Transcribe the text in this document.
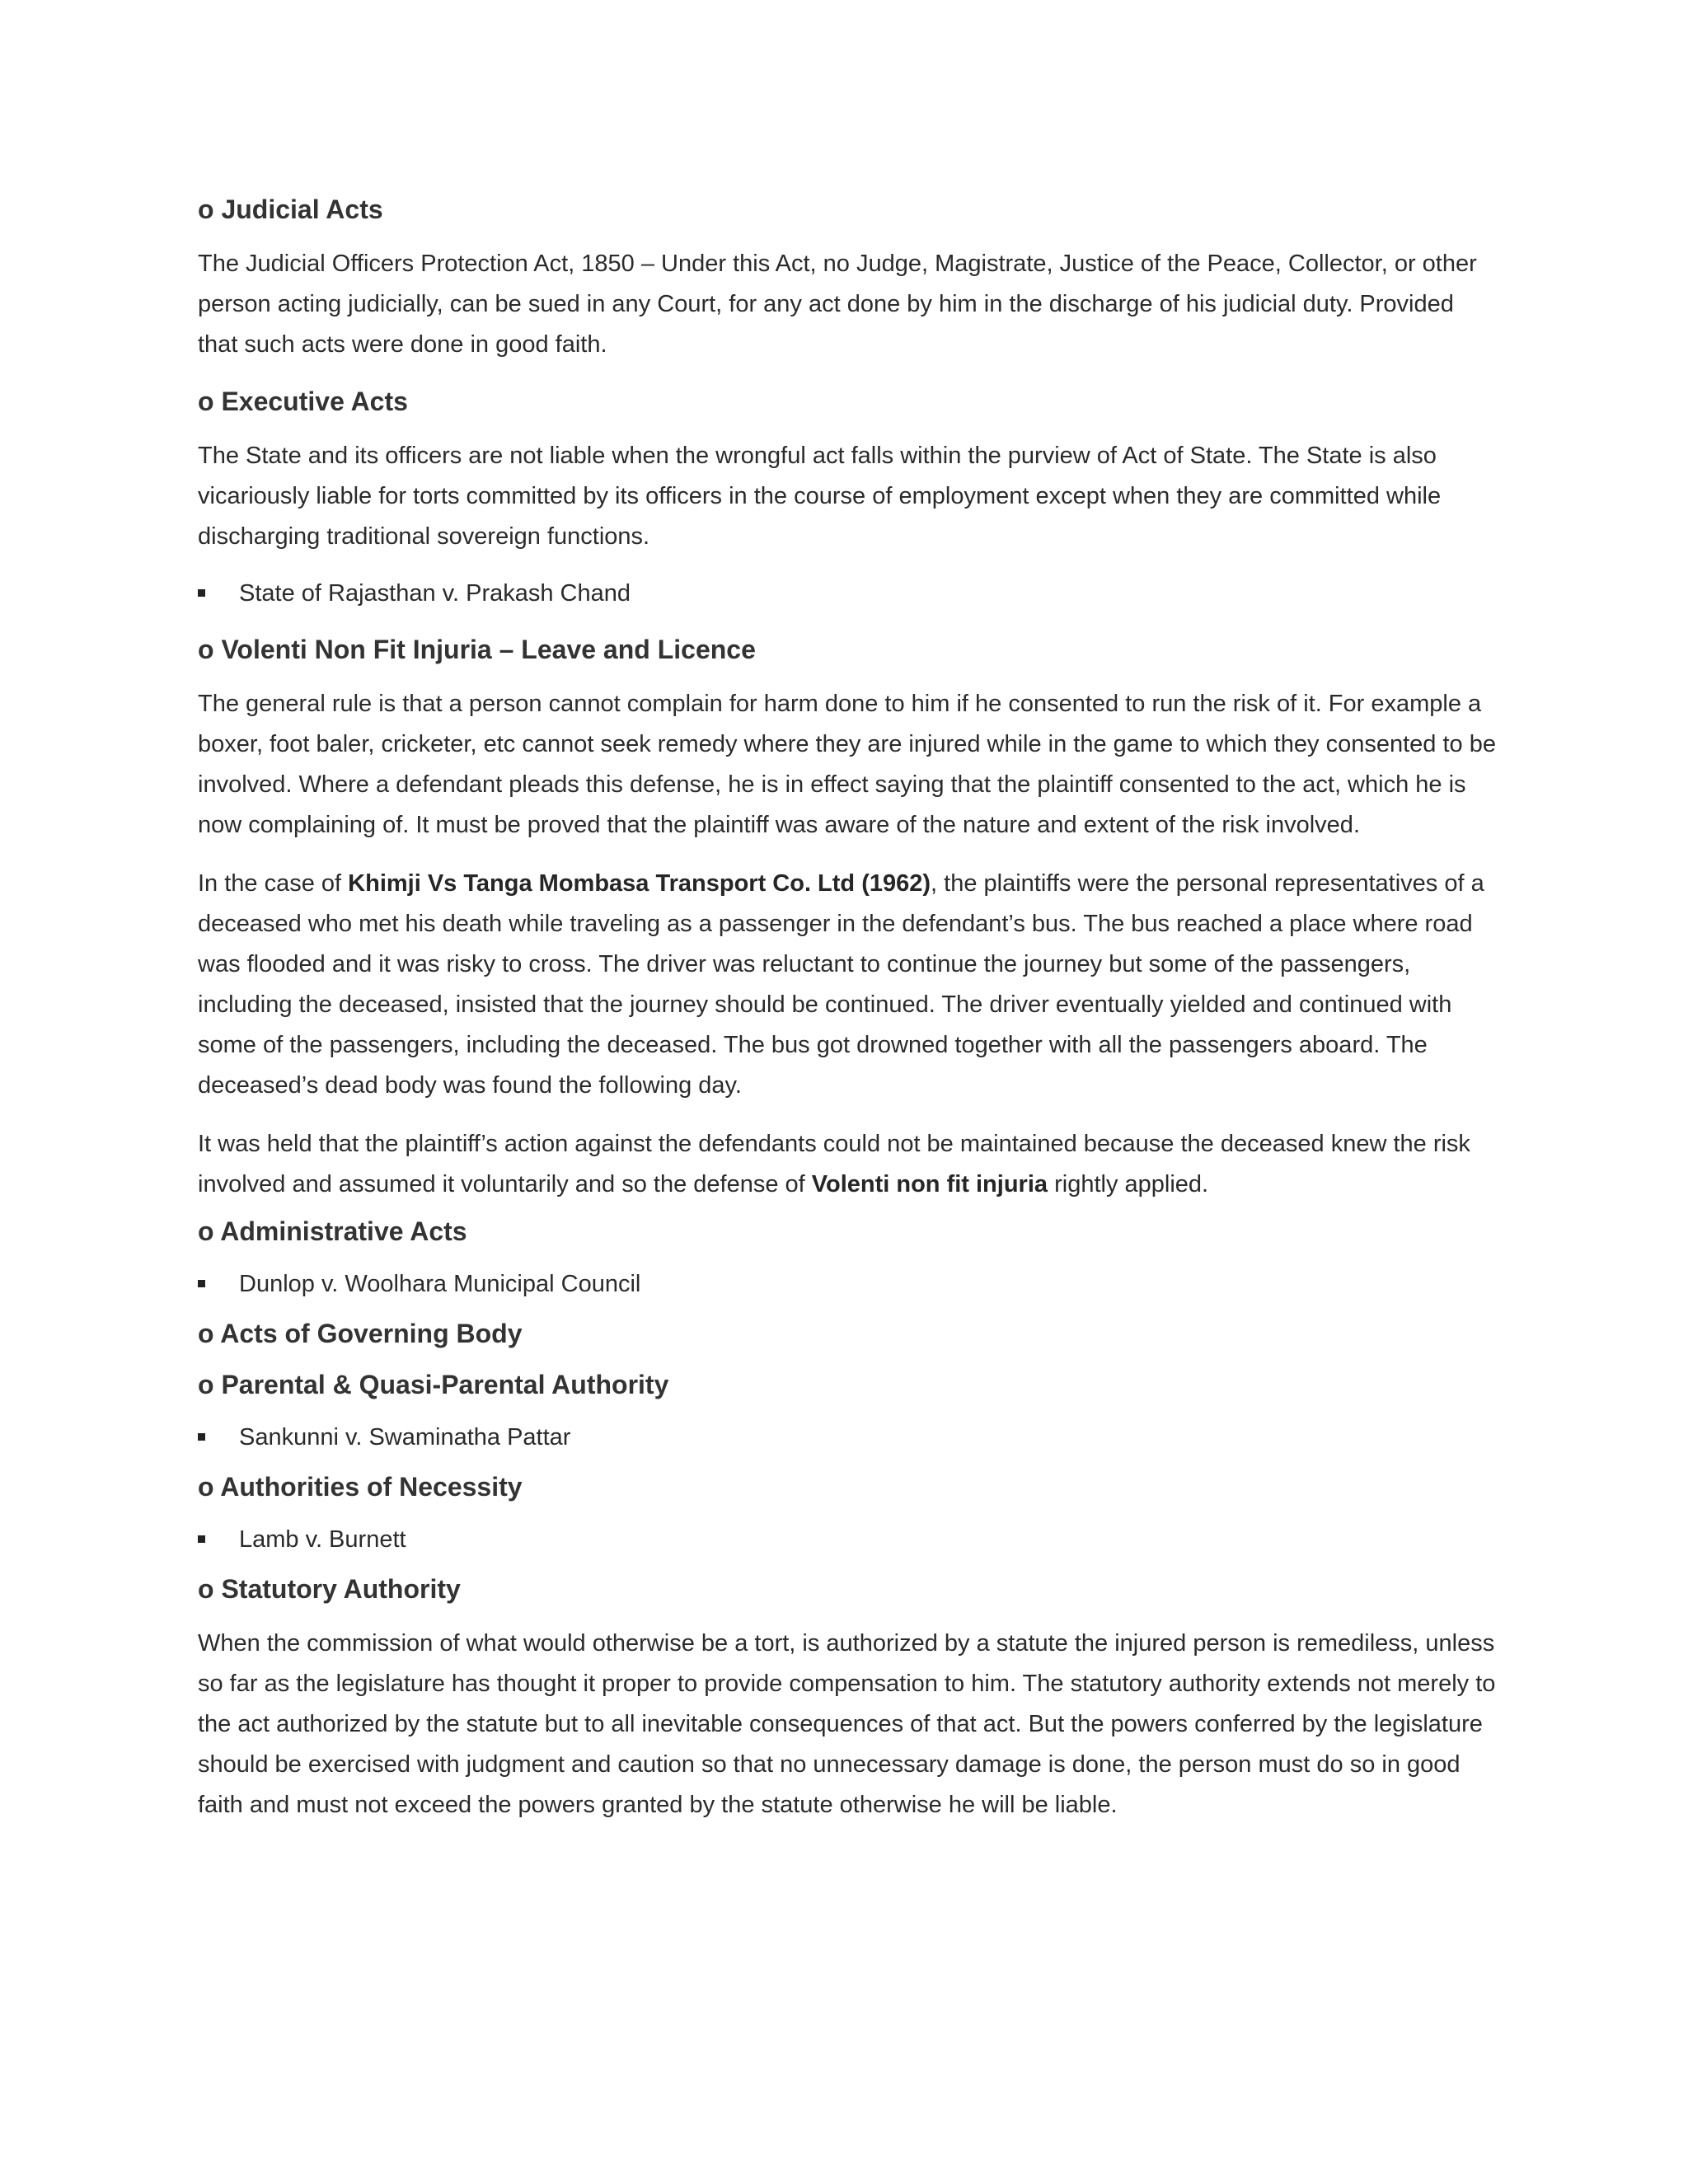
o Judicial Acts

The Judicial Officers Protection Act, 1850 – Under this Act, no Judge, Magistrate, Justice of the Peace, Collector, or other person acting judicially, can be sued in any Court, for any act done by him in the discharge of his judicial duty. Provided that such acts were done in good faith.

o Executive Acts

The State and its officers are not liable when the wrongful act falls within the purview of Act of State. The State is also vicariously liable for torts committed by its officers in the course of employment except when they are committed while discharging traditional sovereign functions.

State of Rajasthan v. Prakash Chand
o Volenti Non Fit Injuria – Leave and Licence

The general rule is that a person cannot complain for harm done to him if he consented to run the risk of it. For example a boxer, foot baler, cricketer, etc cannot seek remedy where they are injured while in the game to which they consented to be involved. Where a defendant pleads this defense, he is in effect saying that the plaintiff consented to the act, which he is now complaining of. It must be proved that the plaintiff was aware of the nature and extent of the risk involved.

In the case of Khimji Vs Tanga Mombasa Transport Co. Ltd (1962), the plaintiffs were the personal representatives of a deceased who met his death while traveling as a passenger in the defendant’s bus. The bus reached a place where road was flooded and it was risky to cross. The driver was reluctant to continue the journey but some of the passengers, including the deceased, insisted that the journey should be continued. The driver eventually yielded and continued with some of the passengers, including the deceased. The bus got drowned together with all the passengers aboard. The deceased’s dead body was found the following day.

It was held that the plaintiff’s action against the defendants could not be maintained because the deceased knew the risk involved and assumed it voluntarily and so the defense of Volenti non fit injuria rightly applied.

o Administrative Acts
Dunlop v. Woolhara Municipal Council
o Acts of Governing Body
o Parental & Quasi-Parental Authority
Sankunni v. Swaminatha Pattar
o Authorities of Necessity
Lamb v. Burnett
o Statutory Authority

When the commission of what would otherwise be a tort, is authorized by a statute the injured person is remediless, unless so far as the legislature has thought it proper to provide compensation to him. The statutory authority extends not merely to the act authorized by the statute but to all inevitable consequences of that act. But the powers conferred by the legislature should be exercised with judgment and caution so that no unnecessary damage is done, the person must do so in good faith and must not exceed the powers granted by the statute otherwise he will be liable.
